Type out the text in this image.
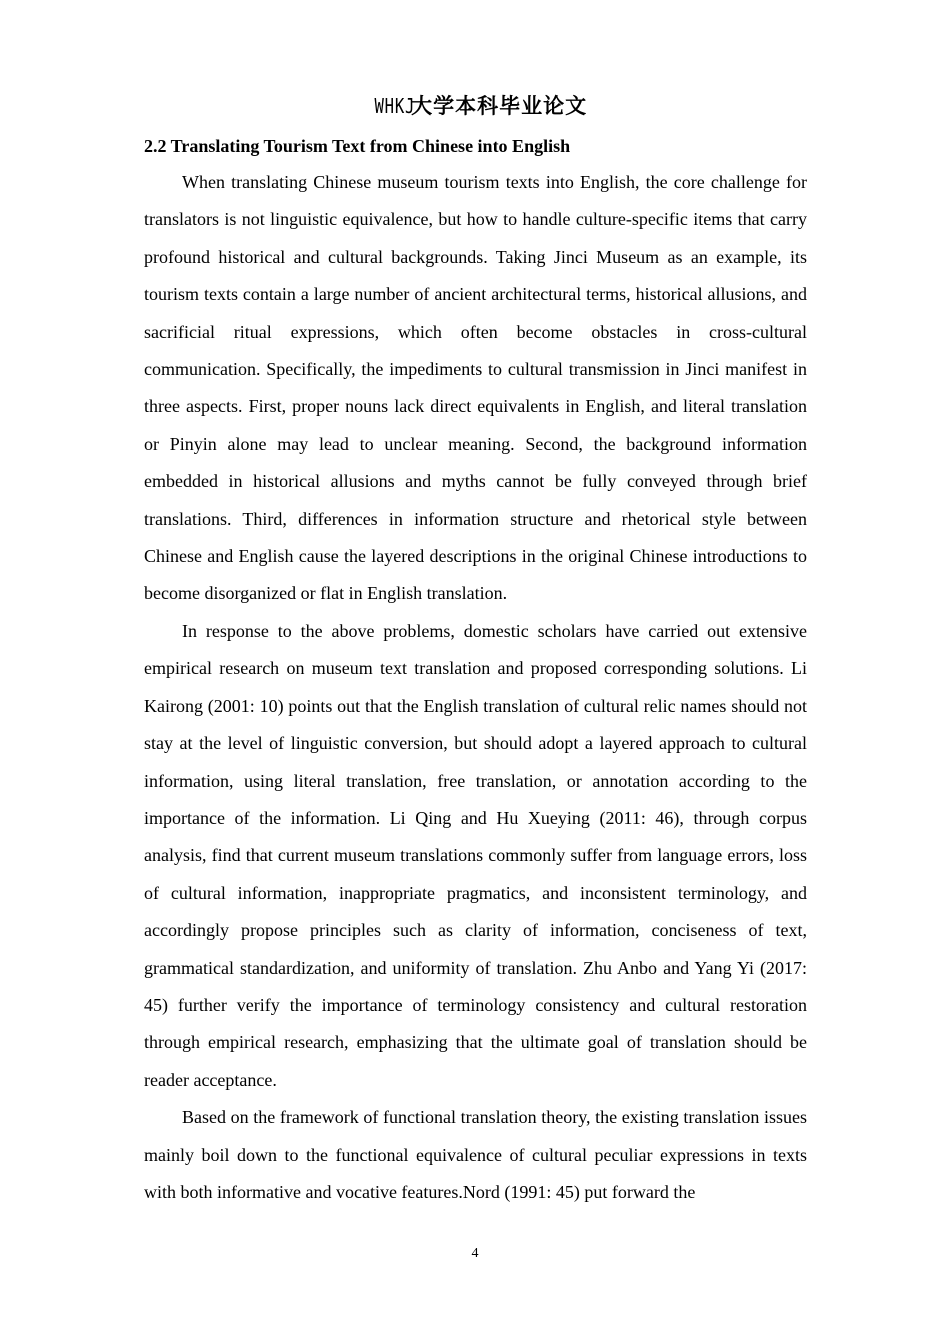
WHKJ大学本科毕业论文
2.2 Translating Tourism Text from Chinese into English

When translating Chinese museum tourism texts into English, the core challenge for translators is not linguistic equivalence, but how to handle culture-specific items that carry profound historical and cultural backgrounds. Taking Jinci Museum as an example, its tourism texts contain a large number of ancient architectural terms, historical allusions, and sacrificial ritual expressions, which often become obstacles in cross-cultural communication. Specifically, the impediments to cultural transmission in Jinci manifest in three aspects. First, proper nouns lack direct equivalents in English, and literal translation or Pinyin alone may lead to unclear meaning. Second, the background information embedded in historical allusions and myths cannot be fully conveyed through brief translations. Third, differences in information structure and rhetorical style between Chinese and English cause the layered descriptions in the original Chinese introductions to become disorganized or flat in English translation.

In response to the above problems, domestic scholars have carried out extensive empirical research on museum text translation and proposed corresponding solutions. Li Kairong (2001: 10) points out that the English translation of cultural relic names should not stay at the level of linguistic conversion, but should adopt a layered approach to cultural information, using literal translation, free translation, or annotation according to the importance of the information. Li Qing and Hu Xueying (2011: 46), through corpus analysis, find that current museum translations commonly suffer from language errors, loss of cultural information, inappropriate pragmatics, and inconsistent terminology, and accordingly propose principles such as clarity of information, conciseness of text, grammatical standardization, and uniformity of translation. Zhu Anbo and Yang Yi (2017: 45) further verify the importance of terminology consistency and cultural restoration through empirical research, emphasizing that the ultimate goal of translation should be reader acceptance.

Based on the framework of functional translation theory, the existing translation issues mainly boil down to the functional equivalence of cultural peculiar expressions in texts with both informative and vocative features.Nord (1991: 45) put forward the

4
